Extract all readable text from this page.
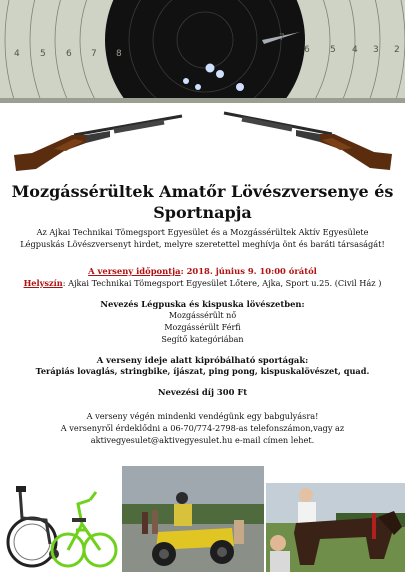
4 5 6 7 8
7
6 5 4 3 2
Mozgássérültek Amatőr Lövészversenye és
Sportnapja
Az Ajkai Technikai Tömegsport Egyesület és a Mozgássérültek Aktív Egyesülete
Légpuskás Lövészversenyt hirdet, melyre szeretettel meghívja önt és baráti társaságát!
A verseny időpontja: 2018. június 9. 10:00 órától
Helyszín: Ajkai Technikai Tömegsport Egyesület Lőtere, Ajka, Sport u.25. (Civil Ház )
Nevezés Légpuska és kispuska lövészetben:
Mozgássérült nő
Mozgássérült Férfi
Segítő kategóriában
A verseny ideje alatt kipróbálható sportágak:
Terápiás lovaglás, stringbike, íjászat, ping pong, kispuskalövészet, quad.
Nevezési díj 300 Ft
A verseny végén mindenki vendégünk egy babgulyásra!
A versenyről érdeklődni a 06-70/774-2798-as telefonszámon,vagy az
aktivegyesulet@aktivegyesulet.hu e-mail címen lehet.
